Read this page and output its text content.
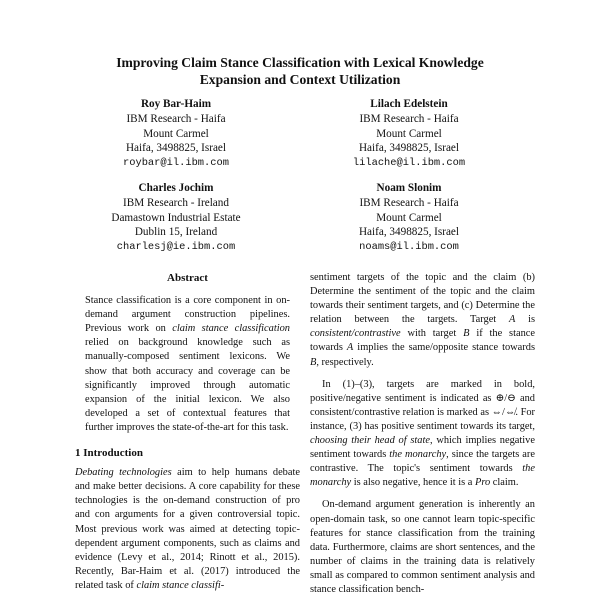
Improving Claim Stance Classification with Lexical Knowledge
Expansion and Context Utilization
Roy Bar-Haim
IBM Research - Haifa
Mount Carmel
Haifa, 3498825, Israel
roybar@il.ibm.com
Lilach Edelstein
IBM Research - Haifa
Mount Carmel
Haifa, 3498825, Israel
lilache@il.ibm.com
Charles Jochim
IBM Research - Ireland
Damastown Industrial Estate
Dublin 15, Ireland
charlesj@ie.ibm.com
Noam Slonim
IBM Research - Haifa
Mount Carmel
Haifa, 3498825, Israel
noams@il.ibm.com
Abstract

Stance classification is a core component in on-demand argument construction pipelines. Previous work on claim stance classification relied on background knowledge such as manually-composed sentiment lexicons. We show that both accuracy and coverage can be significantly improved through automatic expansion of the initial lexicon. We also developed a set of contextual features that further improves the state-of-the-art for this task.

1 Introduction

Debating technologies aim to help humans debate and make better decisions. A core capability for these technologies is the on-demand construction of pro and con arguments for a given controversial topic. Most previous work was aimed at detecting topic-dependent argument components, such as claims and evidence (Levy et al., 2014; Rinott et al., 2015). Recently, Bar-Haim et al. (2017) introduced the related task of claim stance classifi-

sentiment targets of the topic and the claim (b) Determine the sentiment of the topic and the claim towards their sentiment targets, and (c) Determine the relation between the targets. Target A is consistent/contrastive with target B if the stance towards A implies the same/opposite stance towards B, respectively.

In (1)–(3), targets are marked in bold, positive/negative sentiment is indicated as ⊕/⊖ and consistent/contrastive relation is marked as ⇔/⇎. For instance, (3) has positive sentiment towards its target, choosing their head of state, which implies negative sentiment towards the monarchy, since the targets are contrastive. The topic's sentiment towards the monarchy is also negative, hence it is a Pro claim.

On-demand argument generation is inherently an open-domain task, so one cannot learn topic-specific features for stance classification from the training data. Furthermore, claims are short sentences, and the number of claims in the training data is relatively small as compared to common sentiment analysis and stance classification bench-
